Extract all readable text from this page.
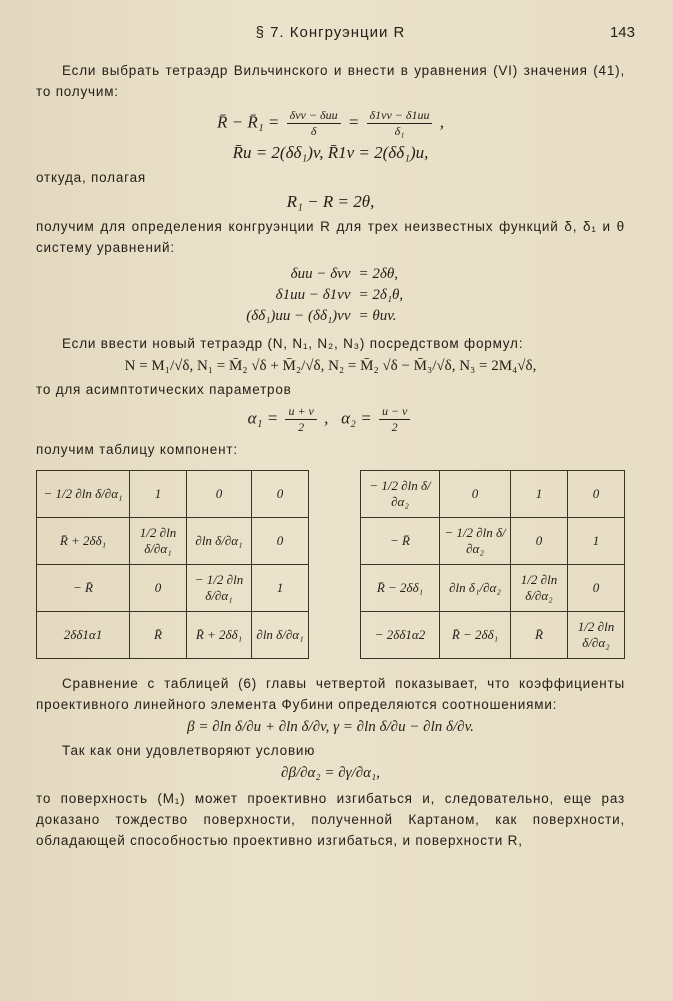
§ 7. Конгруэнции R	143

Если выбрать тетраэдр Вильчинского и внести в уравнения (VI) значения (41), то получим:

R̄ − R̄₁ = δvv − δuu
δ	= $\frac{\delta 1vv - \delta 1uu}{\text{δ₁}}$ ,
R̄u = 2(δδ₁)v, R̄1v = 2(δδ₁)u,

откуда, полагая

R₁ − R = 2θ,

получим для определения конгруэнции R для трех неизвестных функций δ, δ₁ и θ систему уравнений:

δuu − δvv = 2δθ,
δ1uu − δ1vv = 2δ₁θ,
(δδ₁)uu − (δδ₁)vv = θuv.

Если ввести новый тетраэдр (N, N₁, N₂, N₃) посредством формул:

N = M₁/√δ, N₁ = M̄₂ √δ + M̄₂/√δ, N₂ = M̄₂ √δ − M̄₃/√δ, N₃ = 2M₄√δ,

то для асимптотических параметров

$\alpha_1 = \frac{u + v}{2}$ , $\alpha_2 = \frac{u - v}{2}$

получим таблицу компонент:

− 1/2 ∂ln δ/∂α₁	1	0	0
R̄ + 2δδ₁	1/2 ∂ln δ/∂α₁	∂ln δ/∂α₁	0
− R̄	0	− 1/2 ∂ln δ/∂α₁	1
2δδ1α1	R̄	R̄ + 2δδ₁	∂ln δ/∂α₁
− 1/2 ∂ln δ/∂α₂	0	1	0
− R̄	− 1/2 ∂ln δ/∂α₂	0	1
R̄ − 2δδ₁	∂ln δ₁/∂α₂	1/2 ∂ln δ/∂α₂	0
− 2δδ1α2	R̄ − 2δδ₁	R̄	1/2 ∂ln δ/∂α₂

Сравнение с таблицей (6) главы четвертой показывает, что коэффициенты проективного линейного элемента Фубини определяются соотношениями:

β = ∂ln δ/∂u + ∂ln δ/∂v, γ = ∂ln δ/∂u − ∂ln δ/∂v.

Так как они удовлетворяют условию

∂β/∂α₂ = ∂γ/∂α₁,

то поверхность (M₁) может проективно изгибаться и, следовательно, еще раз доказано тождество поверхности, полученной Картаном, как поверхности, обладающей способностью проективно изгибаться, и поверхности R,
